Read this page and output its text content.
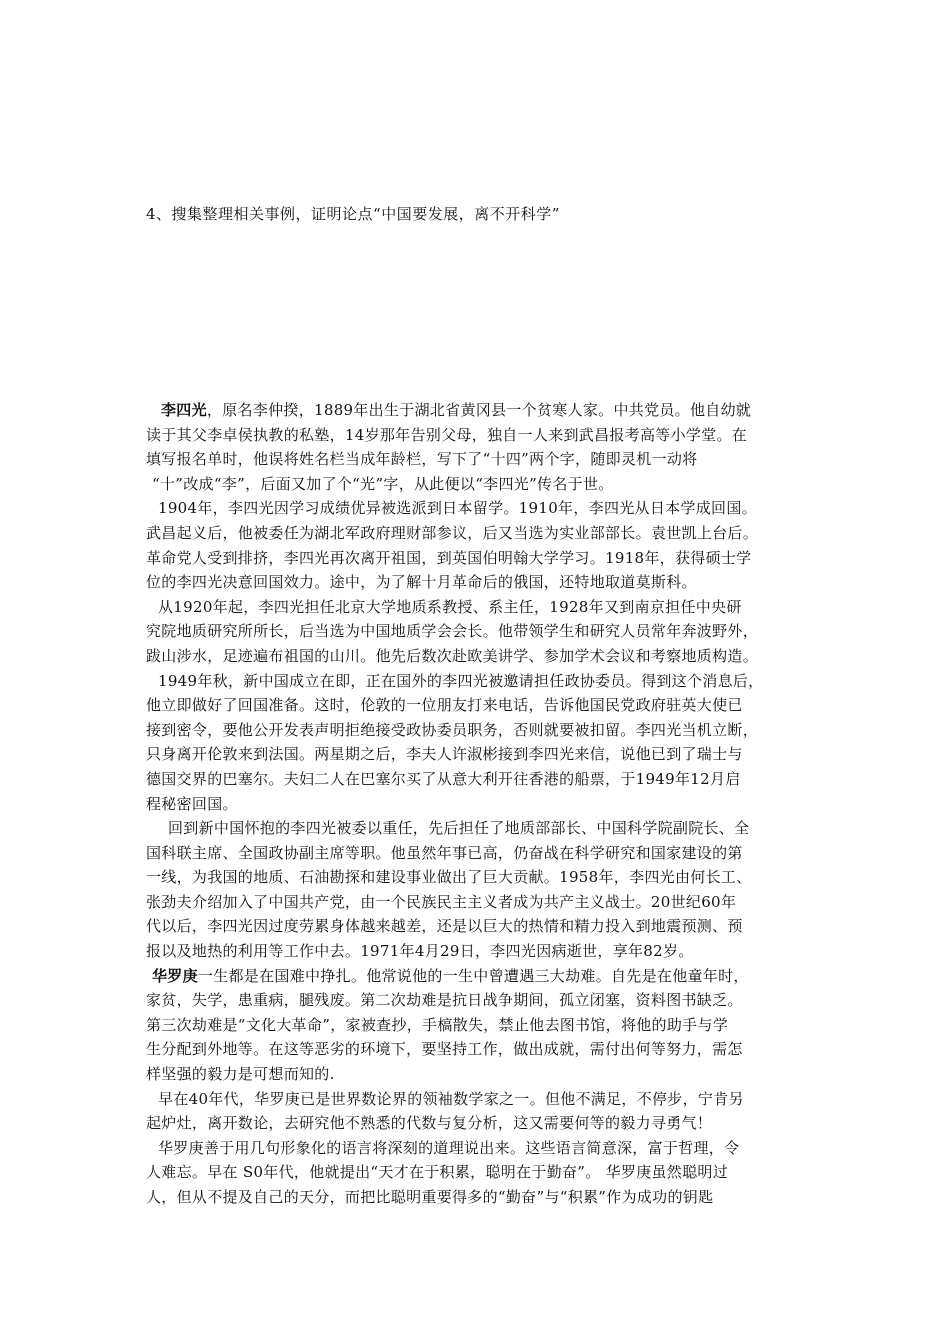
4、搜集整理相关事例，证明论点“中国要发展，离不开科学”
李四光，原名李仲揆，1889年出生于湖北省黄冈县一个贫寒人家。中共党员。他自幼就
读于其父李卓侯执教的私塾，14岁那年告别父母，独自一人来到武昌报考高等小学堂。在
填写报名单时，他误将姓名栏当成年龄栏，写下了“十四”两个字，随即灵机一动将
“十”改成“李”，后面又加了个“光”字，从此便以“李四光”传名于世。
1904年，李四光因学习成绩优异被选派到日本留学。1910年，李四光从日本学成回国。
武昌起义后，他被委任为湖北军政府理财部参议，后又当选为实业部部长。袁世凯上台后。
革命党人受到排挤，李四光再次离开祖国，到英国伯明翰大学学习。1918年，获得硕士学
位的李四光决意回国效力。途中，为了解十月革命后的俄国，还特地取道莫斯科。
从1920年起，李四光担任北京大学地质系教授、系主任，1928年又到南京担任中央研
究院地质研究所所长，后当选为中国地质学会会长。他带领学生和研究人员常年奔波野外，
跋山涉水，足迹遍布祖国的山川。他先后数次赴欧美讲学、参加学术会议和考察地质构造。
1949年秋，新中国成立在即，正在国外的李四光被邀请担任政协委员。得到这个消息后，
他立即做好了回国准备。这时，伦敦的一位朋友打来电话，告诉他国民党政府驻英大使已
接到密令，要他公开发表声明拒绝接受政协委员职务，否则就要被扣留。李四光当机立断，
只身离开伦敦来到法国。两星期之后，李夫人许淑彬接到李四光来信，说他已到了瑞士与
德国交界的巴塞尔。夫妇二人在巴塞尔买了从意大利开往香港的船票，于1949年12月启
程秘密回国。
回到新中国怀抱的李四光被委以重任，先后担任了地质部部长、中国科学院副院长、全
国科联主席、全国政协副主席等职。他虽然年事已高，仍奋战在科学研究和国家建设的第
一线，为我国的地质、石油勘探和建设事业做出了巨大贡献。1958年，李四光由何长工、
张劲夫介绍加入了中国共产党，由一个民族民主主义者成为共产主义战士。20世纪60年
代以后，李四光因过度劳累身体越来越差，还是以巨大的热情和精力投入到地震预测、预
报以及地热的利用等工作中去。1971年4月29日，李四光因病逝世，享年82岁。
华罗庚一生都是在国难中挣扎。他常说他的一生中曾遭遇三大劫难。自先是在他童年时，
家贫，失学，患重病，腿残废。第二次劫难是抗日战争期间，孤立闭塞，资料图书缺乏。
第三次劫难是“文化大革命”，家被查抄，手槁散失，禁止他去图书馆，将他的助手与学
生分配到外地等。在这等恶劣的环境下，要坚持工作，做出成就，需付出何等努力，需怎
样坚强的毅力是可想而知的.
早在40年代，华罗庚已是世界数论界的领袖数学家之一。但他不满足，不停步，宁肯另
起炉灶，离开数论，去研究他不熟悉的代数与复分析，这又需要何等的毅力寻勇气！
华罗庚善于用几句形象化的语言将深刻的道理说出来。这些语言简意深，富于哲理，令
人难忘。早在 S0年代，他就提出“天才在于积累，聪明在于勤奋”。 华罗庚虽然聪明过
人，但从不提及自己的天分，而把比聪明重要得多的“勤奋”与“积累”作为成功的钥匙
